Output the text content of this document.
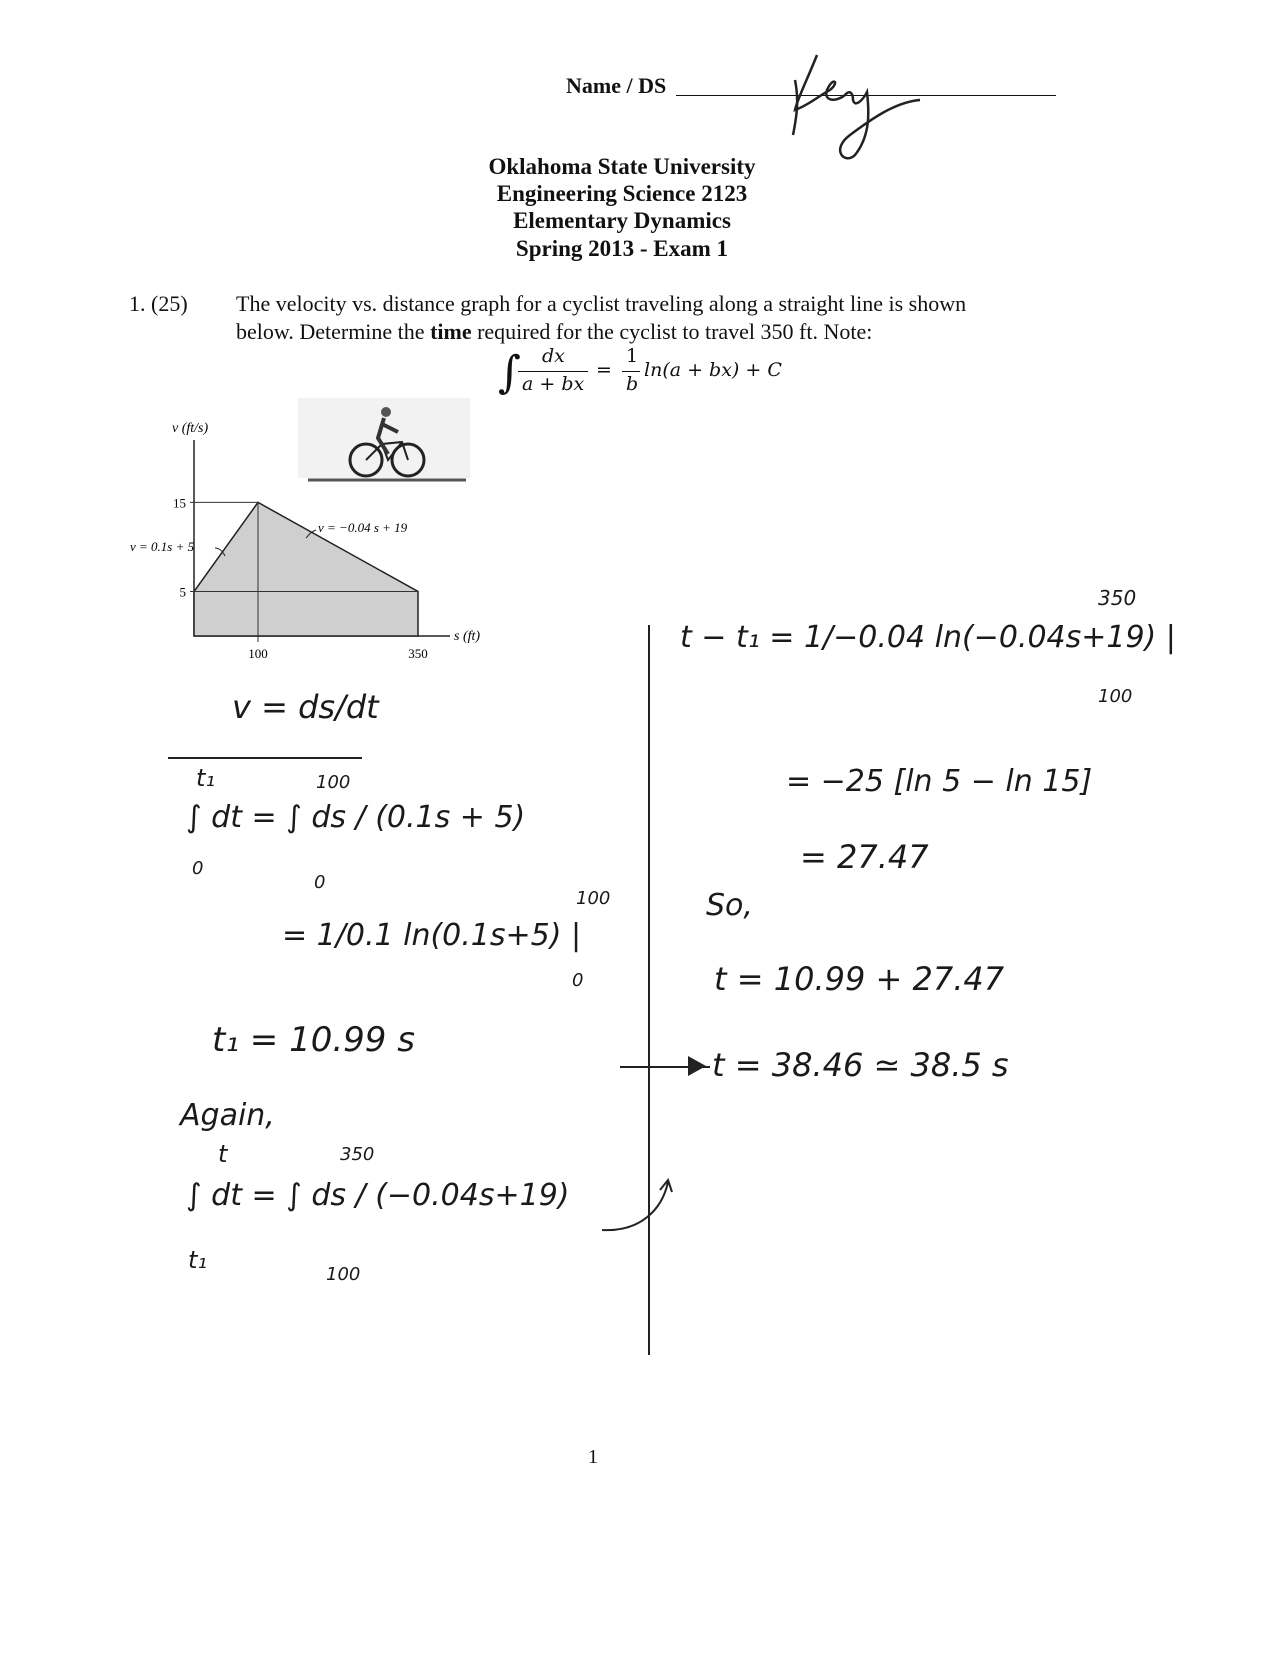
Name / DS
Key
Oklahoma State University
Engineering Science 2123
Elementary Dynamics
Spring 2013 - Exam 1
1. (25) The velocity vs. distance graph for a cyclist traveling along a straight line is shown
below. Determine the time required for the cyclist to travel 350 ft. Note:
∫ dx
a + bx
=
1
b
ln(a + bx) + C
v (ft/s)
15
5
100	350
s (ft)
v = −0.04 s + 19
v = 0.1s + 5
v = ds/dt
t₁	100
∫ dt = ∫ ds / (0.1s + 5)
0
0
= 1/0.1 ln(0.1s+5) |
100
0
t₁ = 10.99 s
Again,
t	350
∫ dt = ∫ ds / (−0.04s+19)
t₁
100
350
t − t₁ = 1/−0.04 ln(−0.04s+19) |
100
= −25 [ln 5 − ln 15]
= 27.47
So,
t = 10.99 + 27.47
t = 38.46 ≃ 38.5 s
1
